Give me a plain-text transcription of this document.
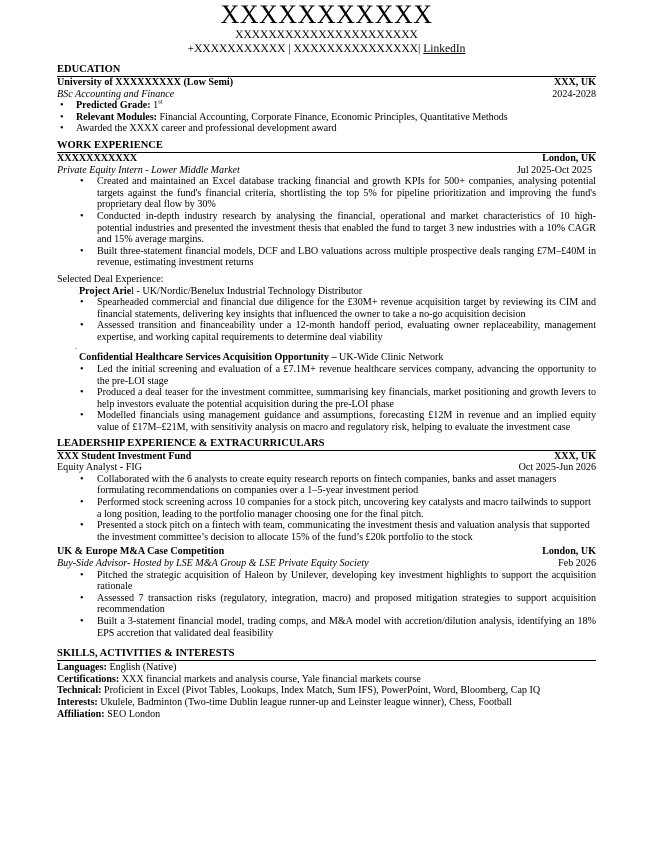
XXXXXXXXXXX
XXXXXXXXXXXXXXXXXXXXXX
+XXXXXXXXXXX | XXXXXXXXXXXXXXX| LinkedIn
EDUCATION
University of XXXXXXXXX (Low Semi)	XXX, UK
BSc Accounting and Finance	2024-2028
• Predicted Grade: 1st
• Relevant Modules: Financial Accounting, Corporate Finance, Economic Principles, Quantitative Methods
• Awarded the XXXX career and professional development award
WORK EXPERIENCE
XXXXXXXXXXX	London, UK
Private Equity Intern - Lower Middle Market	Jul 2025-Oct 2025
• Created and maintained an Excel database tracking financial and growth KPIs for 500+ companies, analysing potential targets against the fund's financial criteria, shortlisting the top 5% for pipeline prioritization and improving the fund's proprietary deal flow by 30%
• Conducted in-depth industry research by analysing the financial, operational and market characteristics of 10 high-potential industries and presented the investment thesis that enabled the fund to target 3 new industries with a 10% CAGR and 15% average margins.
• Built three-statement financial models, DCF and LBO valuations across multiple prospective deals ranging £7M–£40M in revenue, estimating investment returns
Selected Deal Experience:
Project Ariel - UK/Nordic/Benelux Industrial Technology Distributor
• Spearheaded commercial and financial due diligence for the £30M+ revenue acquisition target by reviewing its CIM and financial statements, delivering key insights that influenced the owner to take a no-go acquisition decision
• Assessed transition and financeability under a 12-month handoff period, evaluating owner replaceability, management expertise, and working capital requirements to determine deal viability
.
Confidential Healthcare Services Acquisition Opportunity – UK-Wide Clinic Network
• Led the initial screening and evaluation of a £7.1M+ revenue healthcare services company, advancing the opportunity to the pre-LOI stage
• Produced a deal teaser for the investment committee, summarising key financials, market positioning and growth levers to help investors evaluate the potential acquisition during the pre-LOI phase
• Modelled financials using management guidance and assumptions, forecasting £12M in revenue and an implied equity value of £17M–£21M, with sensitivity analysis on macro and regulatory risk, helping to evaluate the investment case
LEADERSHIP EXPERIENCE & EXTRACURRICULARS
XXX Student Investment Fund	XXX, UK
Equity Analyst - FIG	Oct 2025-Jun 2026
• Collaborated with the 6 analysts to create equity research reports on fintech companies, banks and asset managers formulating recommendations on companies over a 1–5-year investment period
• Performed stock screening across 10 companies for a stock pitch, uncovering key catalysts and macro tailwinds to support a long position, leading to the portfolio manager choosing one for the final pitch.
• Presented a stock pitch on a fintech with team, communicating the investment thesis and valuation analysis that supported the investment committee’s decision to allocate 15% of the fund’s £20k portfolio to the stock
UK & Europe M&A Case Competition	London, UK
Buy-Side Advisor- Hosted by LSE M&A Group & LSE Private Equity Society	Feb 2026
• Pitched the strategic acquisition of Haleon by Unilever, developing key investment highlights to support the acquisition rationale
• Assessed 7 transaction risks (regulatory, integration, macro) and proposed mitigation strategies to support acquisition recommendation
• Built a 3-statement financial model, trading comps, and M&A model with accretion/dilution analysis, identifying an 18% EPS accretion that validated deal feasibility
SKILLS, ACTIVITIES & INTERESTS
Languages: English (Native)
Certifications: XXX financial markets and analysis course, Yale financial markets course
Technical: Proficient in Excel (Pivot Tables, Lookups, Index Match, Sum IFS), PowerPoint, Word, Bloomberg, Cap IQ
Interests: Ukulele, Badminton (Two-time Dublin league runner-up and Leinster league winner), Chess, Football
Affiliation: SEO London
